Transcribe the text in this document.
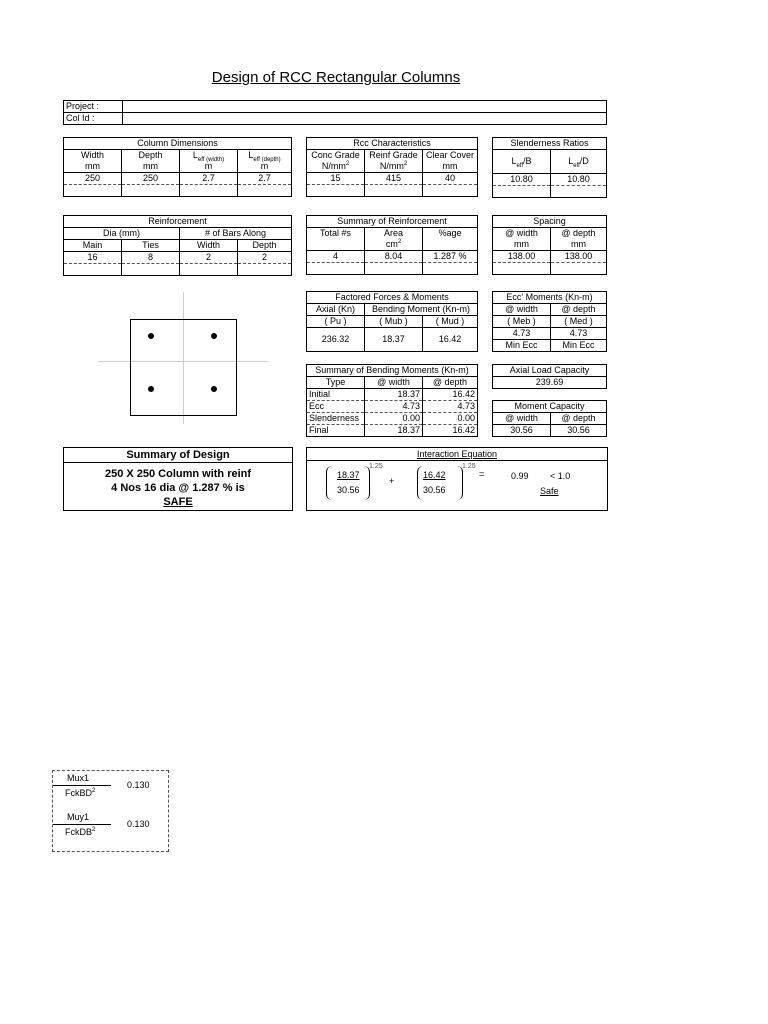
Design of RCC Rectangular Columns
Project :	
Col Id :	
Column Dimensions			
Width	Depth	$L_{eff (width)}$	$L_{eff (depth)}$
mm	mm	m	m
250	250	2.7	2.7

Rcc Characteristics		
Conc Grade	Reinf Grade	Clear Cover
$N/mm^2$	$N/mm^2$	mm
15	415	40

Slenderness Ratios	
$L_{eff}/B$	$L_{eff}/D$
10.80	10.80

Reinforcement			
Dia (mm)		# of Bars Along	
Main	Ties	Width	Depth
16	8	2	2

Summary of Reinforcement		
Total #s	Area	%age
	$cm^2$	
4	8.04	1.287 %

Spacing	
@ width	@ depth
mm	mm
138.00	138.00

Factored Forces & Moments		
Axial (Kn)	Bending Moment (Kn-m)	
( Pu )	( Mub )	( Mud )
236.32	18.37	16.42
Ecc' Moments (Kn-m)	
@ width	@ depth
( Meb )	( Med )
4.73	4.73
Min Ecc	Min Ecc
Summary of Bending Moments (Kn-m)		
Type	@ width	@ depth
Initial	18.37	16.42
Ecc	4.73	4.73
Slenderness	0.00	0.00
Final	18.37	16.42
Axial Load Capacity
239.69
Moment Capacity	
@ width	@ depth
30.56	30.56
Summary of Design
250 X 250 Column with reinf
4 Nos 16 dia @ 1.287 % is
SAFE
Interaction Equation
18.37
30.56
1.25
+
16.42
30.56
1.25
=	0.99 < 1.0
Safe
Mux1
FckBD$^2$
0.130
Muy1
FckDB$^2$
0.130
